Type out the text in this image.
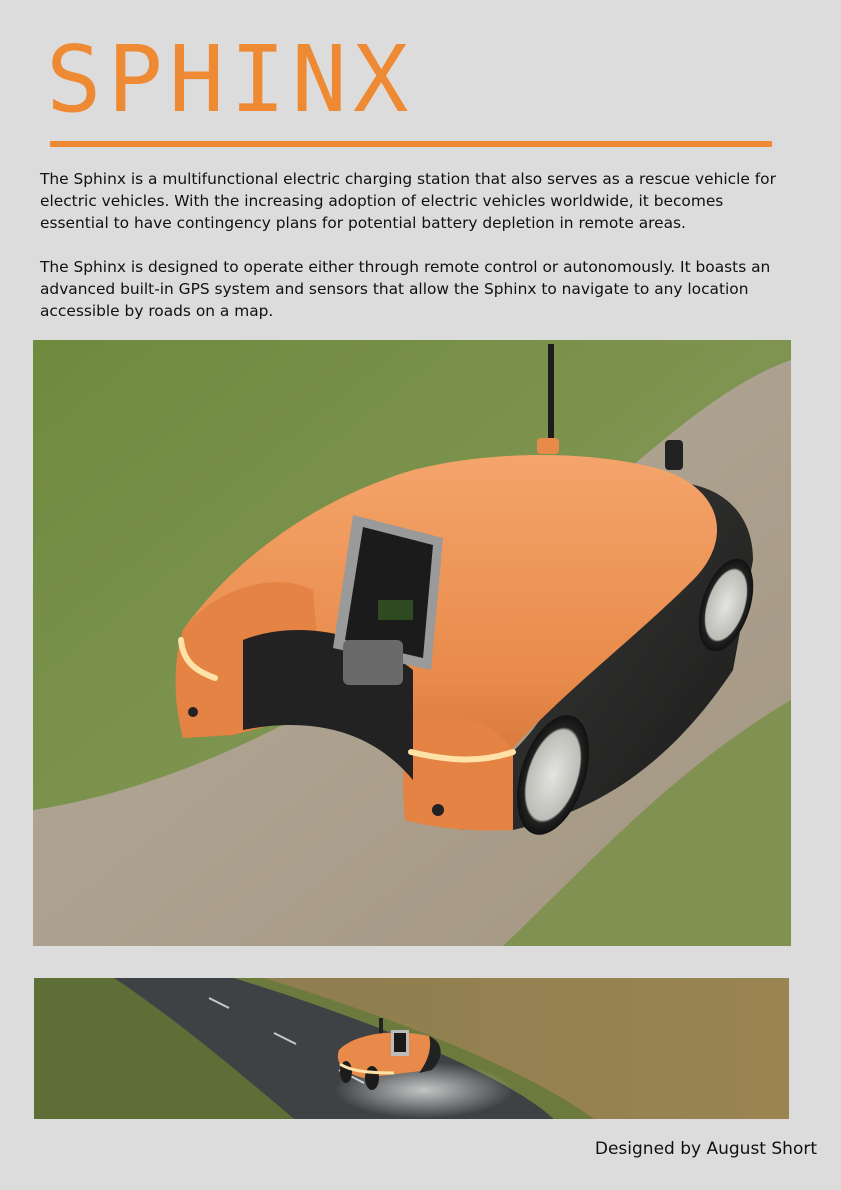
SPHINX

The Sphinx is a multifunctional electric charging station that also serves as a rescue vehicle for electric vehicles. With the increasing adoption of electric vehicles worldwide, it becomes essential to have contingency plans for potential battery depletion in remote areas.

The Sphinx is designed to operate either through remote control or autonomously. It boasts an advanced built-in GPS system and sensors that allow the Sphinx to navigate to any location accessible by roads on a map.

Designed by August Short
